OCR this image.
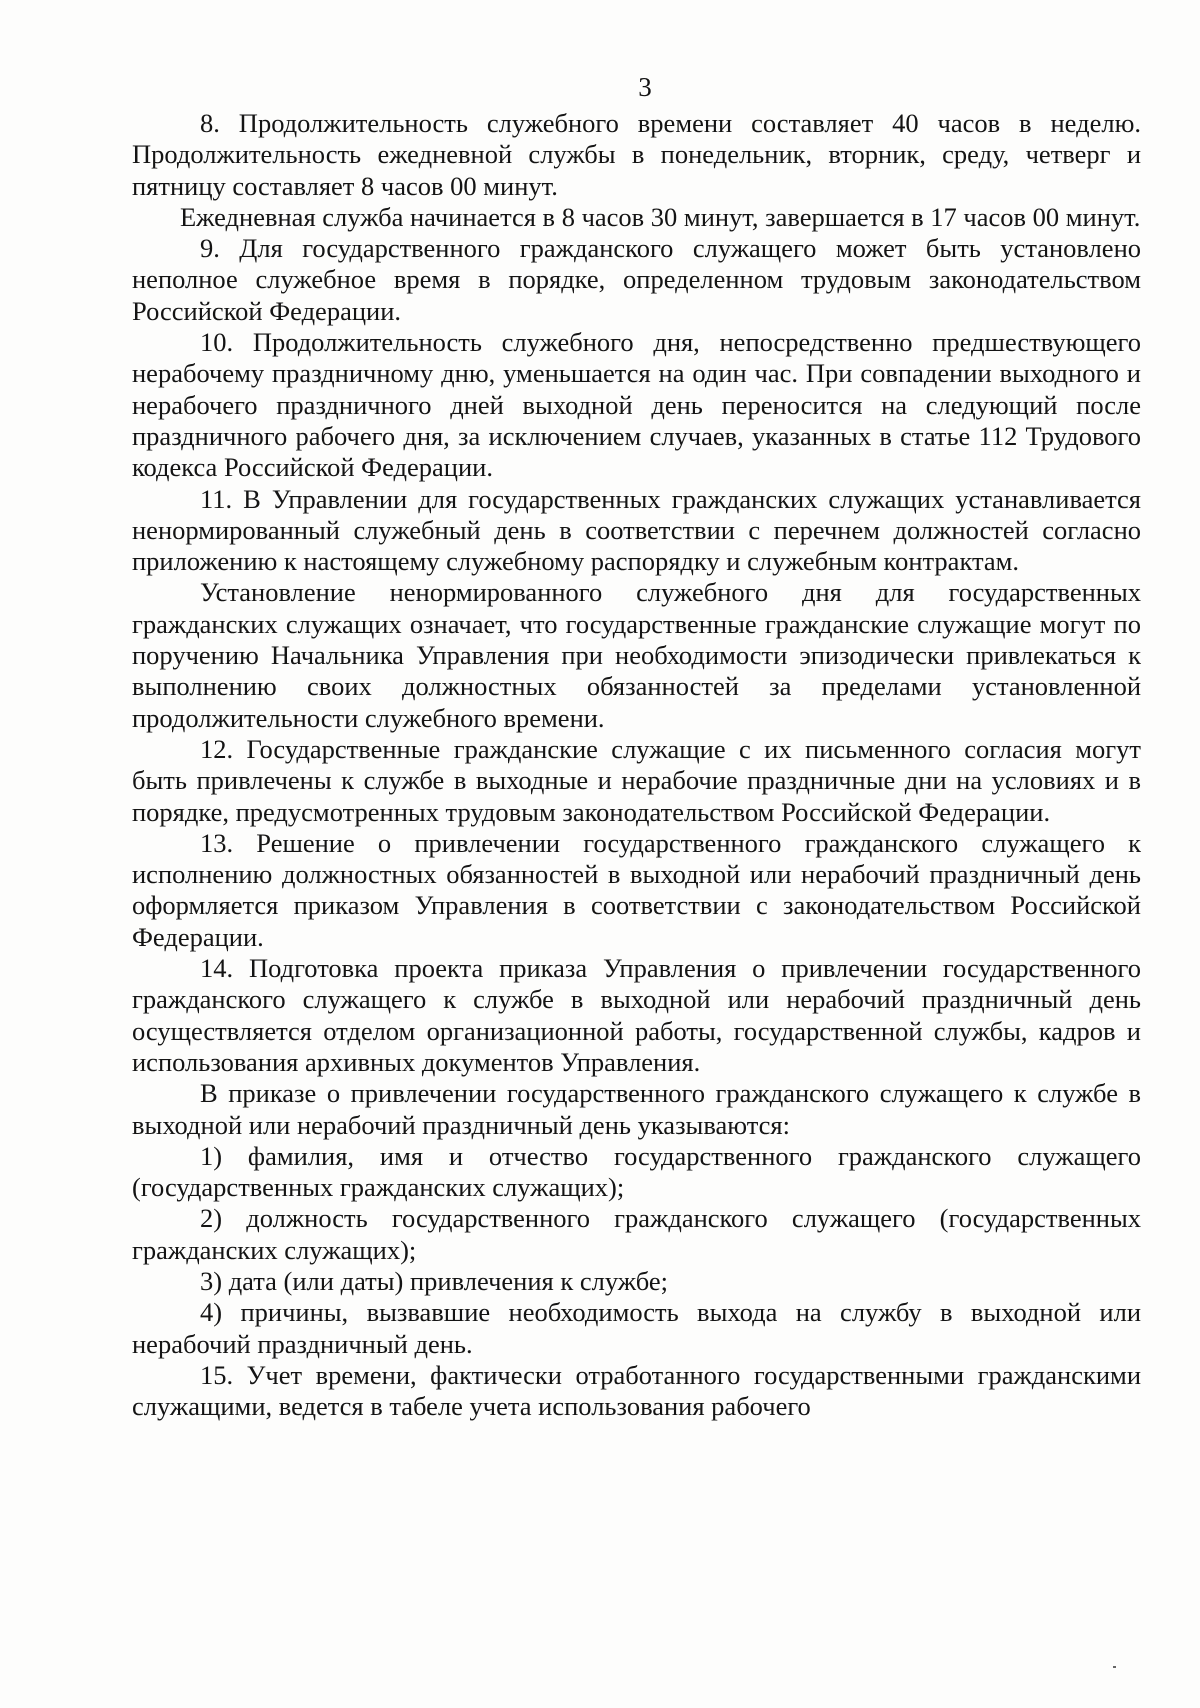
3

8. Продолжительность служебного времени составляет 40 часов в неделю. Продолжительность ежедневной службы в понедельник, вторник, среду, четверг и пятницу составляет 8 часов 00 минут.

Ежедневная служба начинается в 8 часов 30 минут, завершается в 17 часов 00 минут.

9. Для государственного гражданского служащего может быть установлено неполное служебное время в порядке, определенном трудовым законодательством Российской Федерации.

10. Продолжительность служебного дня, непосредственно предшествующего нерабочему праздничному дню, уменьшается на один час. При совпадении выходного и нерабочего праздничного дней выходной день переносится на следующий после праздничного рабочего дня, за исключением случаев, указанных в статье 112 Трудового кодекса Российской Федерации.

11. В Управлении для государственных гражданских служащих устанавливается ненормированный служебный день в соответствии с перечнем должностей согласно приложению к настоящему служебному распорядку и служебным контрактам.

Установление ненормированного служебного дня для государственных гражданских служащих означает, что государственные гражданские служащие могут по поручению Начальника Управления при необходимости эпизодически привлекаться к выполнению своих должностных обязанностей за пределами установленной продолжительности служебного времени.

12. Государственные гражданские служащие с их письменного согласия могут быть привлечены к службе в выходные и нерабочие праздничные дни на условиях и в порядке, предусмотренных трудовым законодательством Российской Федерации.

13. Решение о привлечении государственного гражданского служащего к исполнению должностных обязанностей в выходной или нерабочий праздничный день оформляется приказом Управления в соответствии с законодательством Российской Федерации.

14. Подготовка проекта приказа Управления о привлечении государственного гражданского служащего к службе в выходной или нерабочий праздничный день осуществляется отделом организационной работы, государственной службы, кадров и использования архивных документов Управления.

В приказе о привлечении государственного гражданского служащего к службе в выходной или нерабочий праздничный день указываются:

1) фамилия, имя и отчество государственного гражданского служащего (государственных гражданских служащих);

2) должность государственного гражданского служащего (государственных гражданских служащих);

3) дата (или даты) привлечения к службе;

4) причины, вызвавшие необходимость выхода на службу в выходной или нерабочий праздничный день.

15. Учет времени, фактически отработанного государственными гражданскими служащими, ведется в табеле учета использования рабочего
